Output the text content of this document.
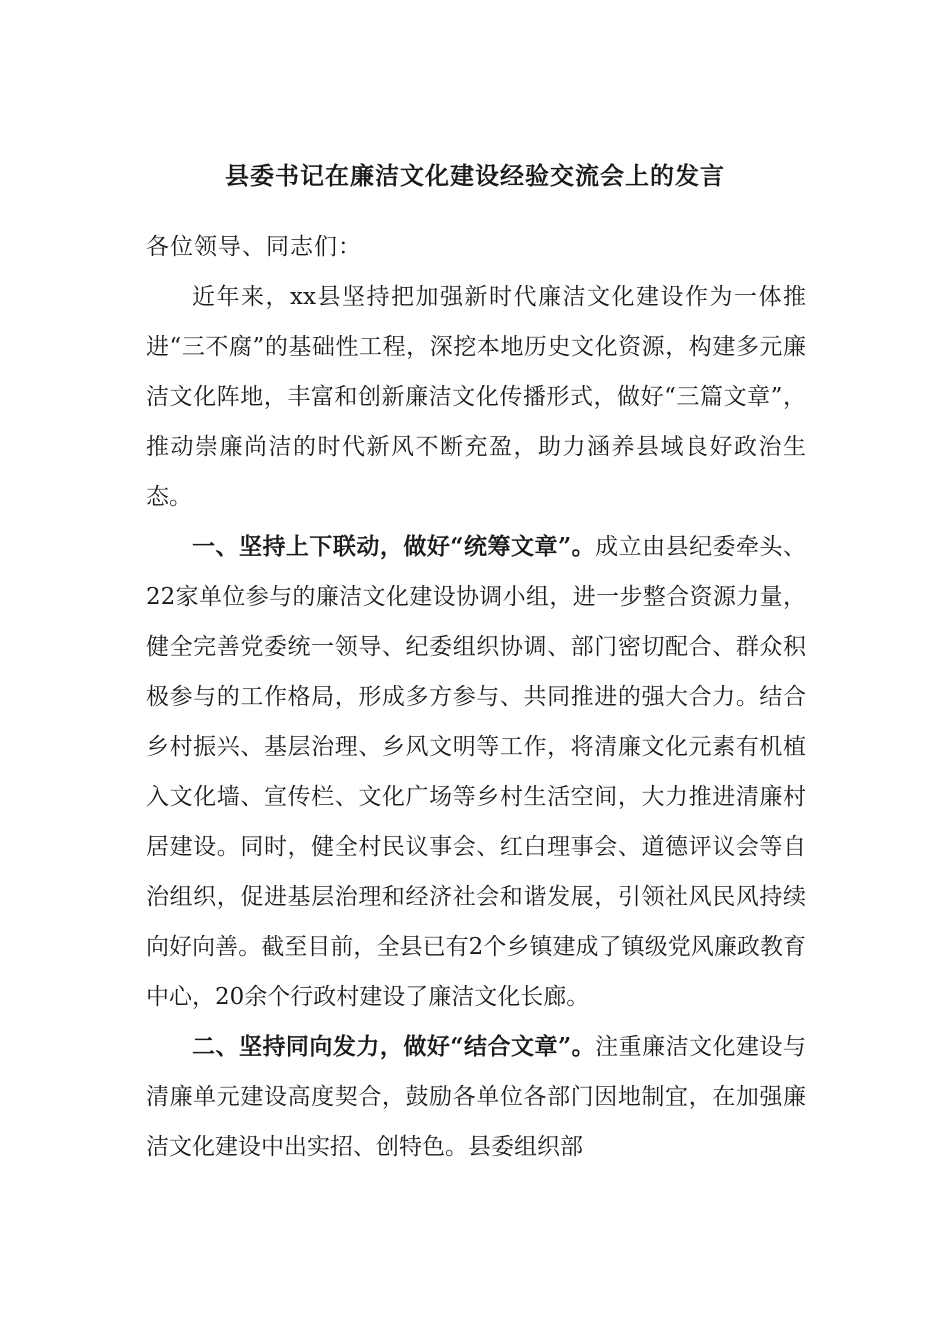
县委书记在廉洁文化建设经验交流会上的发言

各位领导、同志们：

近年来，xx县坚持把加强新时代廉洁文化建设作为一体推进“三不腐”的基础性工程，深挖本地历史文化资源，构建多元廉洁文化阵地，丰富和创新廉洁文化传播形式，做好“三篇文章”，推动崇廉尚洁的时代新风不断充盈，助力涵养县域良好政治生态。

一、坚持上下联动，做好“统筹文章”。成立由县纪委牵头、22家单位参与的廉洁文化建设协调小组，进一步整合资源力量，健全完善党委统一领导、纪委组织协调、部门密切配合、群众积极参与的工作格局，形成多方参与、共同推进的强大合力。结合乡村振兴、基层治理、乡风文明等工作，将清廉文化元素有机植入文化墙、宣传栏、文化广场等乡村生活空间，大力推进清廉村居建设。同时，健全村民议事会、红白理事会、道德评议会等自治组织，促进基层治理和经济社会和谐发展，引领社风民风持续向好向善。截至目前，全县已有2个乡镇建成了镇级党风廉政教育中心，20余个行政村建设了廉洁文化长廊。

二、坚持同向发力，做好“结合文章”。注重廉洁文化建设与清廉单元建设高度契合，鼓励各单位各部门因地制宜，在加强廉洁文化建设中出实招、创特色。县委组织部
